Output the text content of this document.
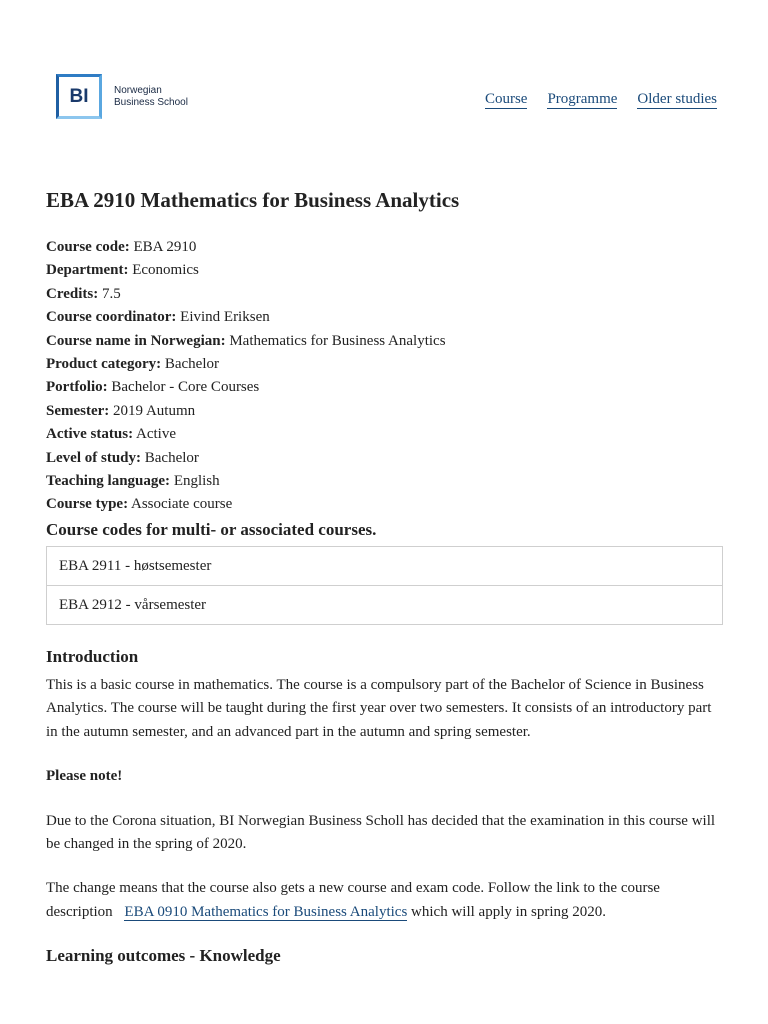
BI	Norwegian
Business School	Course Programme Older studies
EBA 2910 Mathematics for Business Analytics
Course code: EBA 2910
Department: Economics
Credits: 7.5
Course coordinator: Eivind Eriksen
Course name in Norwegian: Mathematics for Business Analytics
Product category: Bachelor
Portfolio: Bachelor - Core Courses
Semester: 2019 Autumn
Active status: Active
Level of study: Bachelor
Teaching language: English
Course type: Associate course
Course codes for multi- or associated courses.
EBA 2911 - høstsemester
EBA 2912 - vårsemester
Introduction

This is a basic course in mathematics. The course is a compulsory part of the Bachelor of Science in Business Analytics. The course will be taught during the first year over two semesters. It consists of an introductory part in the autumn semester, and an advanced part in the autumn and spring semester.

Please note!

Due to the Corona situation, BI Norwegian Business Scholl has decided that the examination in this course will be changed in the spring of 2020.

The change means that the course also gets a new course and exam code. Follow the link to the course description EBA 0910 Mathematics for Business Analytics which will apply in spring 2020.

Learning outcomes - Knowledge
